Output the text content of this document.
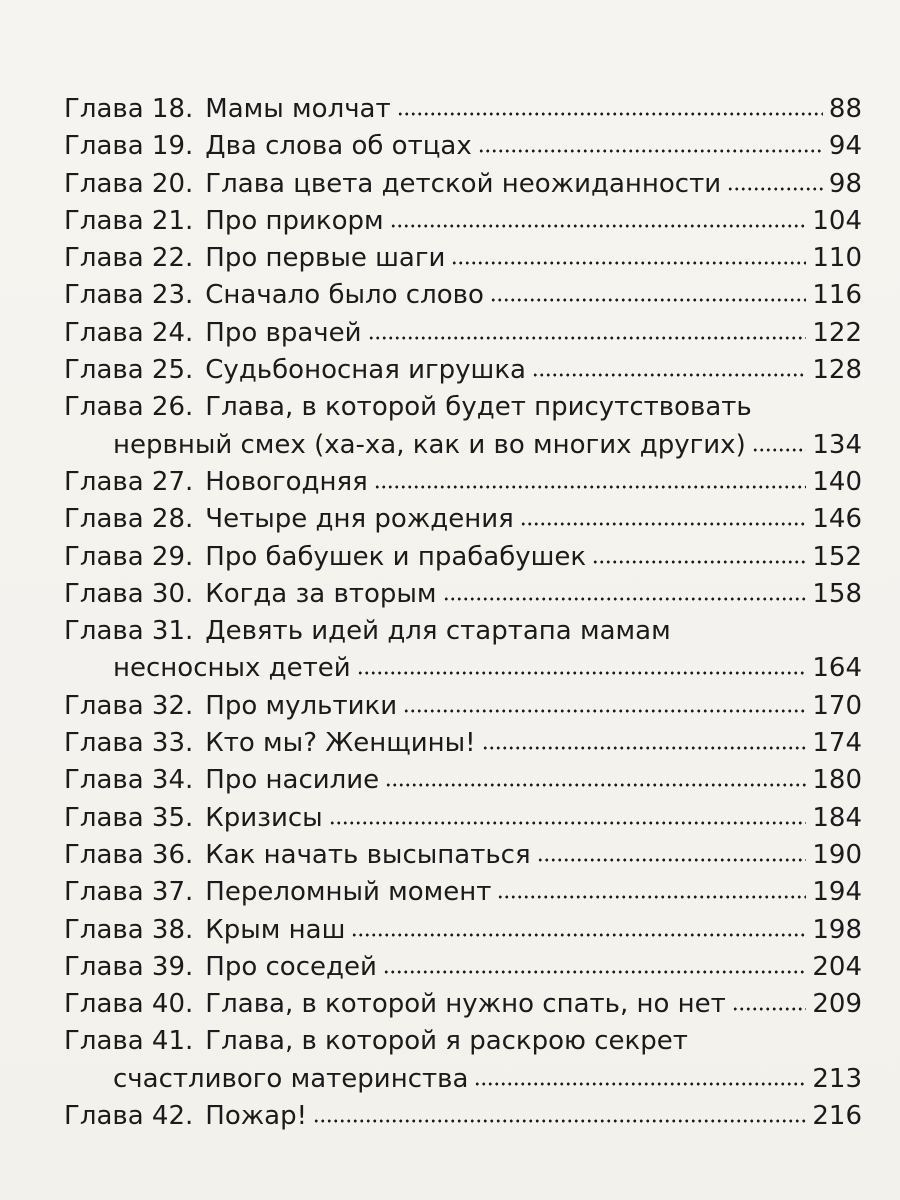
Глава 18. Мамы молчат	88
Глава 19. Два слова об отцах	94
Глава 20. Глава цвета детской неожиданности	98
Глава 21. Про прикорм	104
Глава 22. Про первые шаги	110
Глава 23. Сначало было слово	116
Глава 24. Про врачей	122
Глава 25. Судьбоносная игрушка	128
Глава 26. Глава, в которой будет присутствовать
нервный смех (ха-ха, как и во многих других)	134
Глава 27. Новогодняя	140
Глава 28. Четыре дня рождения	146
Глава 29. Про бабушек и прабабушек	152
Глава 30. Когда за вторым	158
Глава 31. Девять идей для стартапа мамам
несносных детей	164
Глава 32. Про мультики	170
Глава 33. Кто мы? Женщины!	174
Глава 34. Про насилие	180
Глава 35. Кризисы	184
Глава 36. Как начать высыпаться	190
Глава 37. Переломный момент	194
Глава 38. Крым наш	198
Глава 39. Про соседей	204
Глава 40. Глава, в которой нужно спать, но нет	209
Глава 41. Глава, в которой я раскрою секрет
счастливого материнства	213
Глава 42. Пожар!	216
